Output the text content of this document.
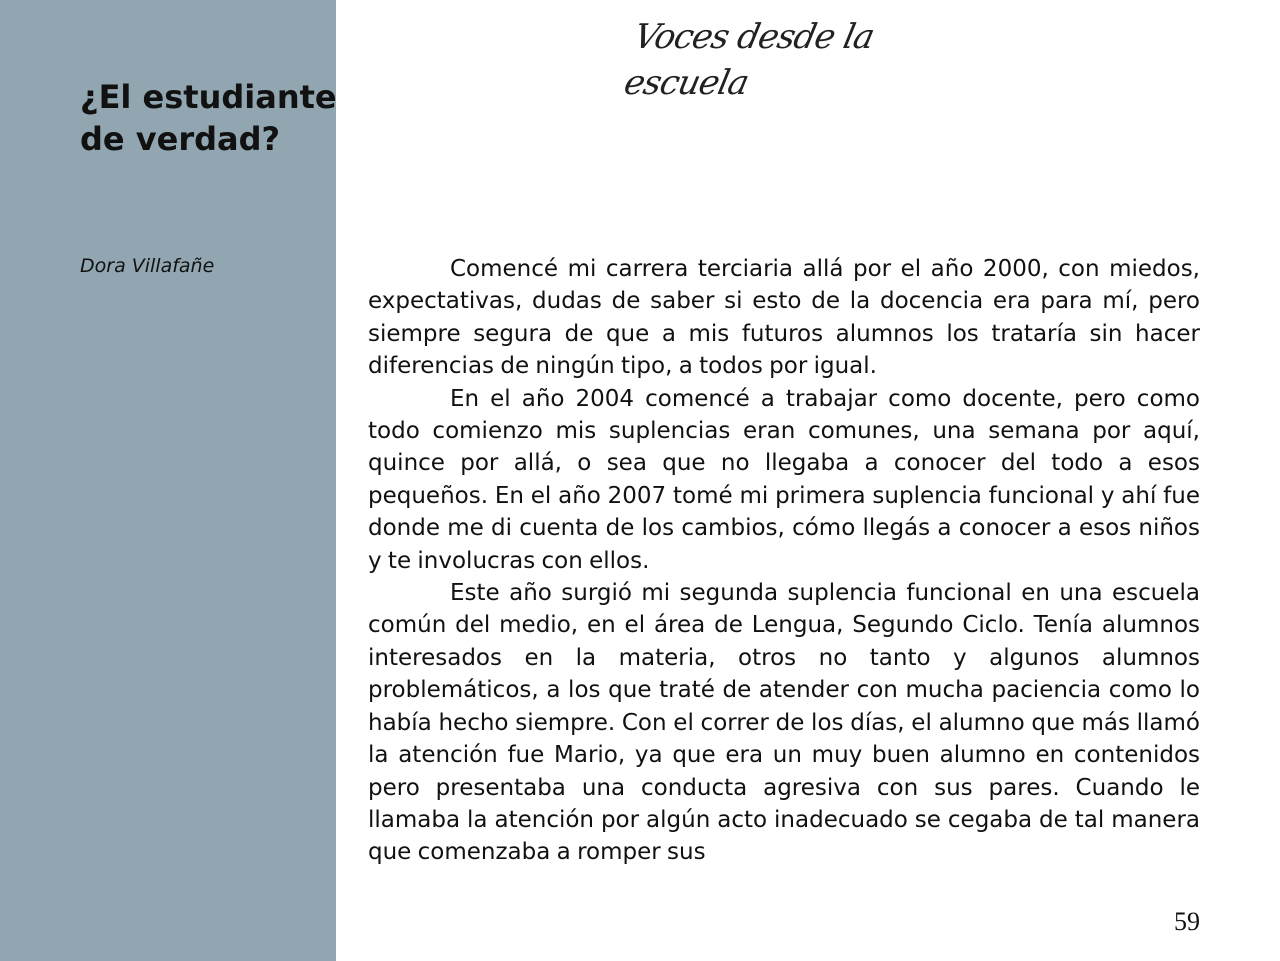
¿El estudiante de verdad?
Dora Villafañe
Voces desde la escuela

Comencé mi carrera terciaria allá por el año 2000, con miedos, expectativas, dudas de saber si esto de la docencia era para mí, pero siempre segura de que a mis futuros alumnos los trataría sin hacer diferencias de ningún tipo, a todos por igual.

En el año 2004 comencé a trabajar como docente, pero como todo comienzo mis suplencias eran comunes, una semana por aquí, quince por allá, o sea que no llegaba a conocer del todo a esos pequeños. En el año 2007 tomé mi primera suplencia funcional y ahí fue donde me di cuenta de los cambios, cómo llegás a conocer a esos niños y te involucras con ellos.

Este año surgió mi segunda suplencia funcional en una escuela común del medio, en el área de Lengua, Segundo Ciclo. Tenía alumnos interesados en la materia, otros no tanto y algunos alumnos problemáticos, a los que traté de atender con mucha paciencia como lo había hecho siempre. Con el correr de los días, el alumno que más llamó la atención fue Mario, ya que era un muy buen alumno en contenidos pero presentaba una conducta agresiva con sus pares. Cuando le llamaba la atención por algún acto inadecuado se cegaba de tal manera que comenzaba a romper sus

59
